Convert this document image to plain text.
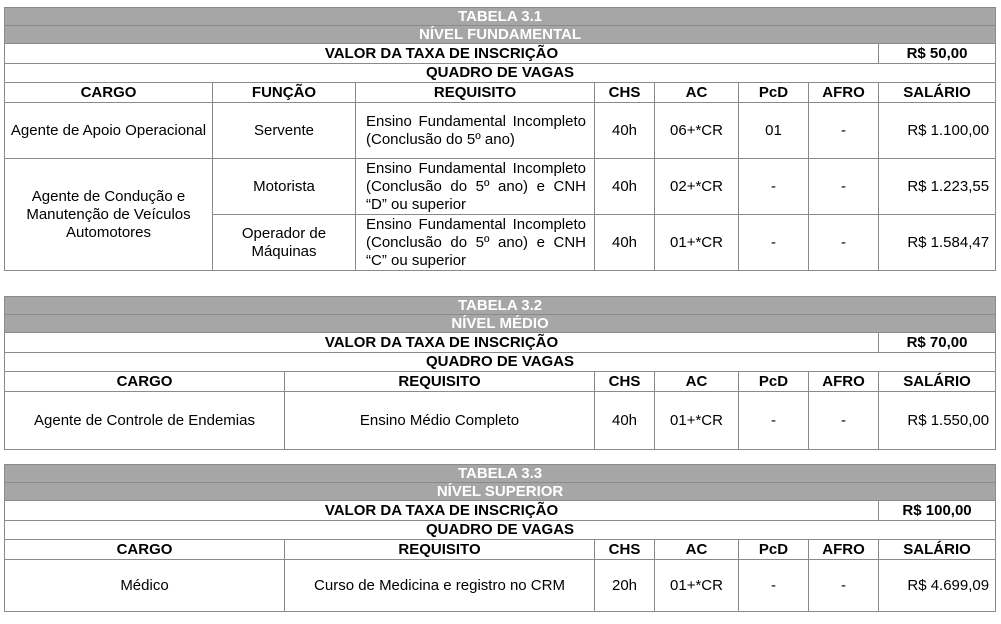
TABELA 3.1							
NÍVEL FUNDAMENTAL							
VALOR DA TAXA DE INSCRIÇÃO							R$ 50,00
QUADRO DE VAGAS							
CARGO	FUNÇÃO	REQUISITO	CHS	AC	PcD	AFRO	SALÁRIO
Agente de Apoio Operacional	Servente	Ensino Fundamental Incompleto (Conclusão do 5º ano)	40h	06+*CR	01	-	R$ 1.100,00
Agente de Condução e Manutenção de Veículos Automotores	Motorista	Ensino Fundamental Incompleto (Conclusão do 5º ano) e CNH “D” ou superior	40h	02+*CR	-	-	R$ 1.223,55
	Operador de Máquinas	Ensino Fundamental Incompleto (Conclusão do 5º ano) e CNH “C” ou superior	40h	01+*CR	-	-	R$ 1.584,47
TABELA 3.2						
NÍVEL MÉDIO						
VALOR DA TAXA DE INSCRIÇÃO						R$ 70,00
QUADRO DE VAGAS						
CARGO	REQUISITO	CHS	AC	PcD	AFRO	SALÁRIO
Agente de Controle de Endemias	Ensino Médio Completo	40h	01+*CR	-	-	R$ 1.550,00
TABELA 3.3						
NÍVEL SUPERIOR						
VALOR DA TAXA DE INSCRIÇÃO						R$ 100,00
QUADRO DE VAGAS						
CARGO	REQUISITO	CHS	AC	PcD	AFRO	SALÁRIO
Médico	Curso de Medicina e registro no CRM	20h	01+*CR	-	-	R$ 4.699,09
